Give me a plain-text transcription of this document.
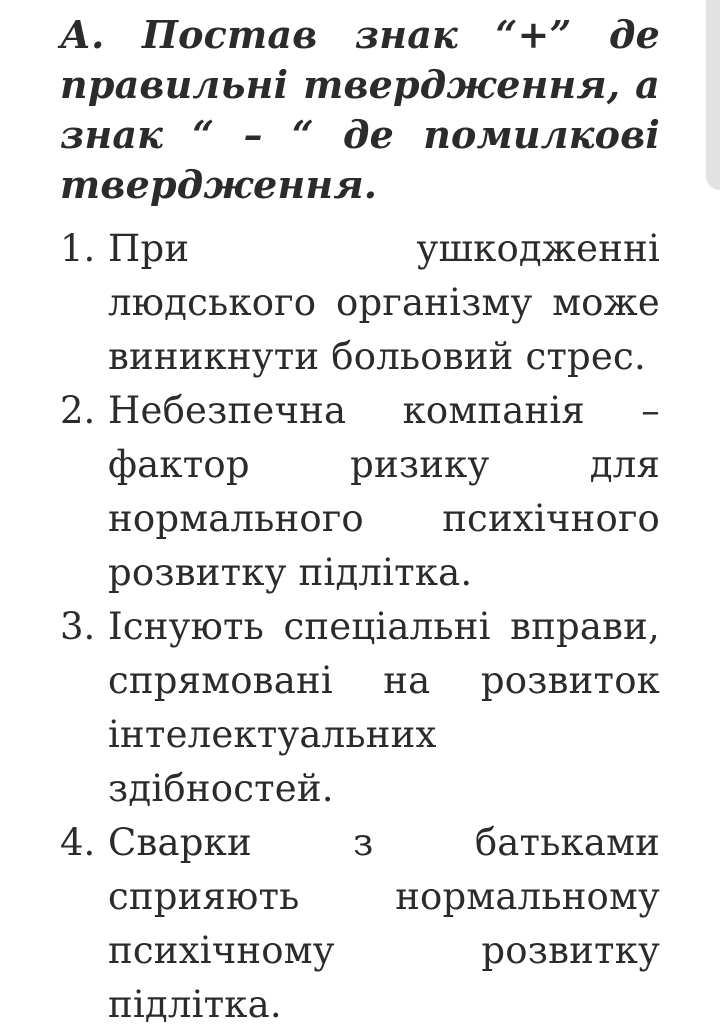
А. Постав знак “+” де правильні твердження, а знак “ – “ де помилкові твердження.

1. При ушкодженні людського організму може виникнути больовий стрес.
2. Небезпечна компанія – фактор ризику для нормального психічного розвитку підлітка.
3. Існують спеціальні вправи, спрямовані на розвиток інтелектуальних здібностей.
4. Сварки з батьками сприяють нормальному психічному розвитку підлітка.
